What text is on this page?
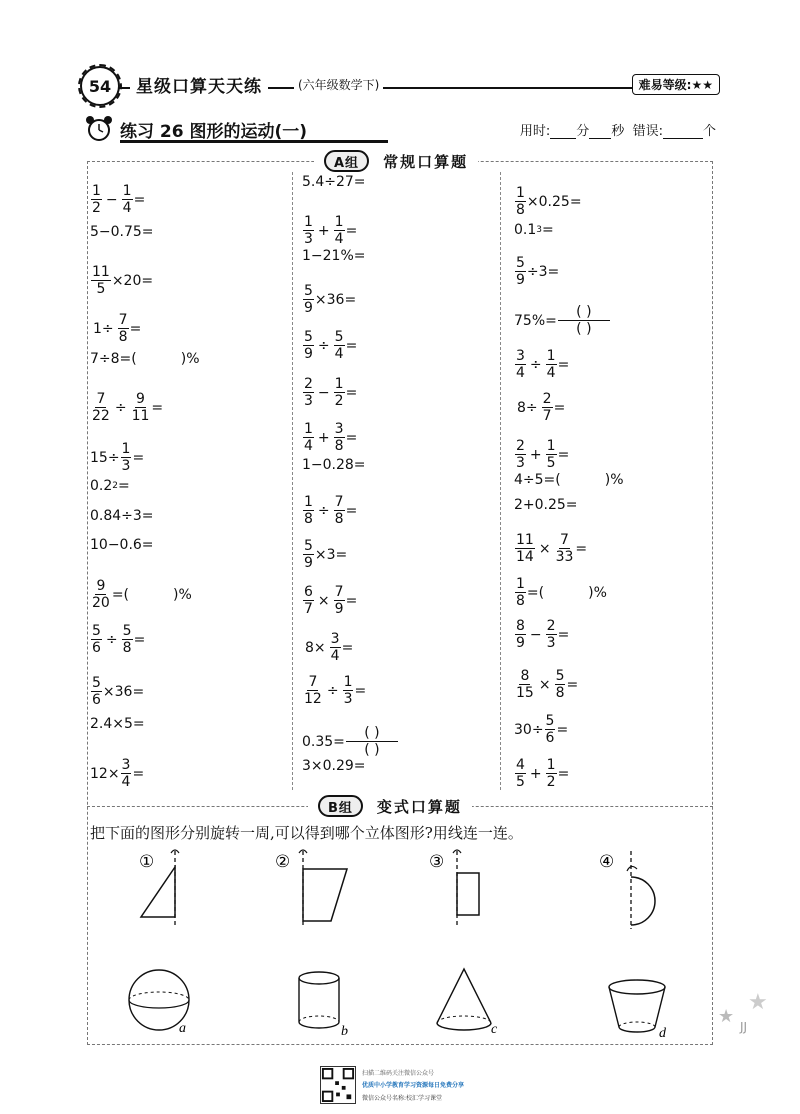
54	星级口算天天练	(六年级数学下)	难易等级:★★
练习 26 图形的运动(一)	用时: 分 秒 错误:	个
A组	常规口算题
B组	变式口算题
$\frac{1}{2} - \frac{1}{4}$ =
5−0.75=
$\frac{11}{5} \times 20=$
$1\div \frac{7}{8}$ =
7÷8=(	)%
$\frac{7}{22} \div \frac{9}{11}$ =
$15\div \frac{1}{3}$ =
0.2 2 =
0.84÷3=
10−0.6=
$\frac{9}{20}$ =(	)%
$\frac{5}{6} \div \frac{5}{8}$ =
$\frac{5}{6} \times 36=$
2.4×5=
$12\times \frac{3}{4}$ =
5.4÷27=
$\frac{1}{3} + \frac{1}{4}$ =
1−21%=
$\frac{5}{9} \times 36=$
$\frac{5}{9} \div \frac{5}{4}$ =
$\frac{2}{3} - \frac{1}{2}$ =
$\frac{1}{4} + \frac{3}{8}$ =
1−0.28=
$\frac{1}{8} \div \frac{7}{8}$ =
$\frac{5}{9} \times 3=$
$\frac{6}{7} \times \frac{7}{9}$ =
$8\times \frac{3}{4}$ =
$\frac{7}{12} \div \frac{1}{3}$ =
$0.35= \frac{( )}{( )}$
3×0.29=
$\frac{1}{8} \times 0.25=$
0.1 3 =
$\frac{5}{9} \div 3=$
$75\%= \frac{( )}{( )}$
$\frac{3}{4} \div \frac{1}{4}$ =
$8\div \frac{2}{7}$ =
$\frac{2}{3} + \frac{1}{5}$ =
4÷5=(	)%
2+0.25=
$\frac{11}{14} \times \frac{7}{33}$ =
$\frac{1}{8}$ =(	)%
$\frac{8}{9} - \frac{2}{3}$ =
$\frac{8}{15} \times \frac{5}{8}$ =
$30\div \frac{5}{6}$ =
$\frac{4}{5} + \frac{1}{2}$ =
把下面的图形分别旋转一周,可以得到哪个立体图形?用线连一连。
①	②	③	④
a	b	c	d
★
★
JJ
扫描二维码关注微信公众号
优质中小学教育学习资源每日免费分享
微信公众号名称:校汇学习课堂
